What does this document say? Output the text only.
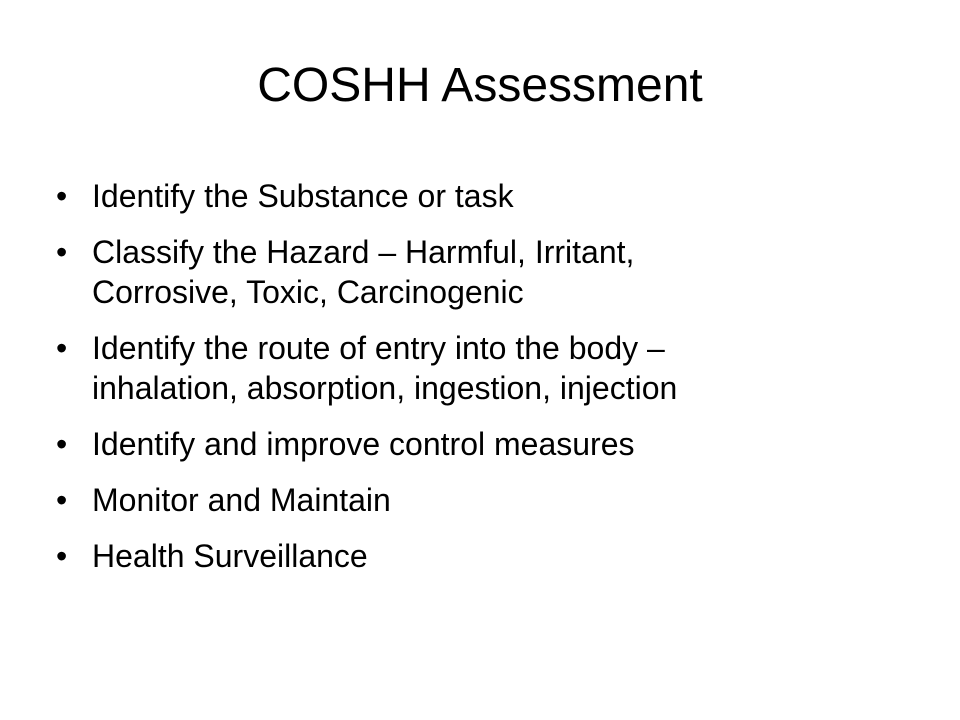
COSHH Assessment
• Identify the Substance or task
• Classify the Hazard – Harmful, Irritant,
Corrosive, Toxic, Carcinogenic
• Identify the route of entry into the body –
inhalation, absorption, ingestion, injection
• Identify and improve control measures
• Monitor and Maintain
• Health Surveillance
